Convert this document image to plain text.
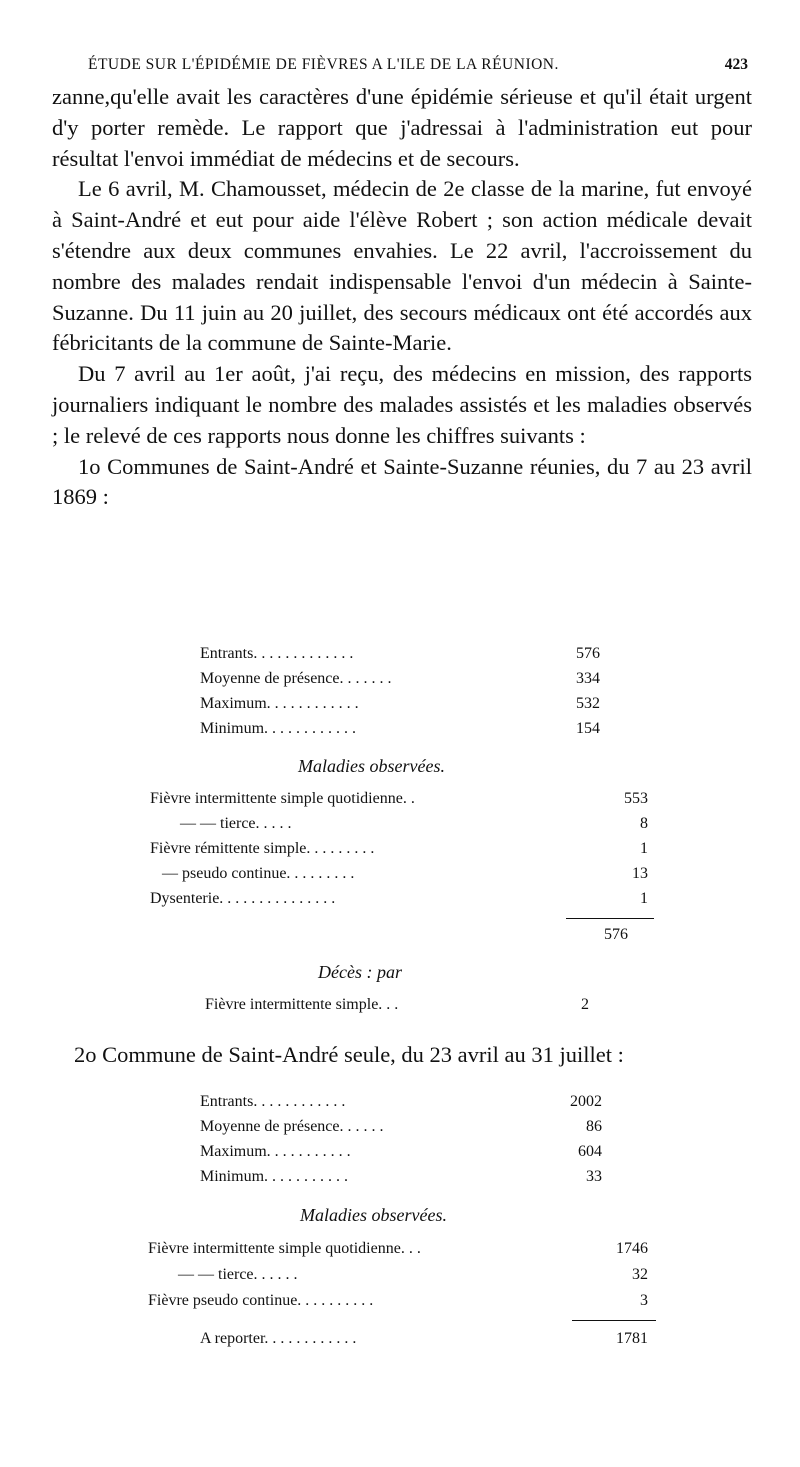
ÉTUDE SUR L'ÉPIDÉMIE DE FIÈVRES A L'ILE DE LA RÉUNION.	423

zanne,qu'elle avait les caractères d'une épidémie sérieuse et qu'il était urgent d'y porter remède. Le rapport que j'adressai à l'administration eut pour résultat l'envoi immédiat de médecins et de secours.

Le 6 avril, M. Chamousset, médecin de 2e classe de la marine, fut envoyé à Saint-André et eut pour aide l'élève Robert ; son action médicale devait s'étendre aux deux communes envahies. Le 22 avril, l'accroissement du nombre des malades rendait indispensable l'envoi d'un médecin à Sainte-Suzanne. Du 11 juin au 20 juillet, des secours médicaux ont été accordés aux fébricitants de la commune de Sainte-Marie.

Du 7 avril au 1er août, j'ai reçu, des médecins en mission, des rapports journaliers indiquant le nombre des malades assistés et les maladies observés ; le relevé de ces rapports nous donne les chiffres suivants :

1o Communes de Saint-André et Sainte-Suzanne réunies, du 7 au 23 avril 1869 :

Entrants. . . . . . . . . . . . .	576
Moyenne de présence. . . . . . .	334
Maximum. . . . . . . . . . . .	532
Minimum. . . . . . . . . . . .	154
Maladies observées.
Fièvre intermittente simple quotidienne. .	553
— — tierce. . . . .	8
Fièvre rémittente simple. . . . . . . . .	1
— pseudo continue. . . . . . . . .	13
Dysenterie. . . . . . . . . . . . . . .	1
576
Décès : par
Fièvre intermittente simple. . .	2
2o Commune de Saint-André seule, du 23 avril au 31 juillet :
Entrants. . . . . . . . . . . .	2002
Moyenne de présence. . . . . .	86
Maximum. . . . . . . . . . .	604
Minimum. . . . . . . . . . .	33
Maladies observées.
Fièvre intermittente simple quotidienne. . .	1746
— — tierce. . . . . .	32
Fièvre pseudo continue. . . . . . . . . .	3
A reporter. . . . . . . . . . . .	1781
